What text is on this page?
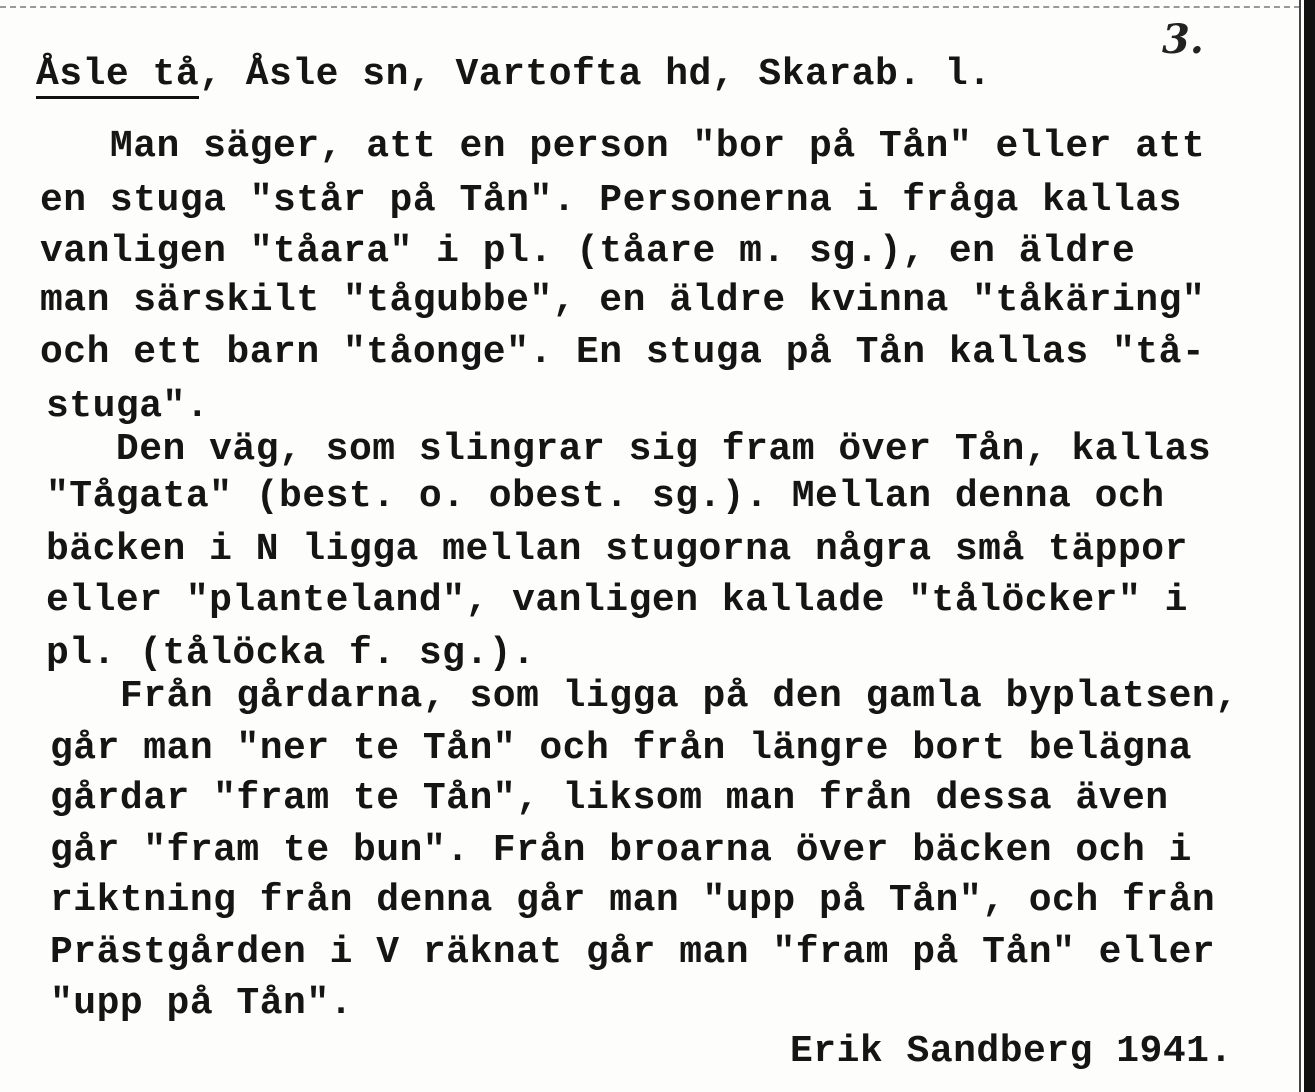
3.
Åsle tå, Åsle sn, Vartofta hd, Skarab. l.
Man säger, att en person "bor på Tån" eller att
en stuga "står på Tån". Personerna i fråga kallas
vanligen "tåara" i pl. (tåare m. sg.), en äldre
man särskilt "tågubbe", en äldre kvinna "tåkäring"
och ett barn "tåonge". En stuga på Tån kallas "tå-
stuga".
Den väg, som slingrar sig fram över Tån, kallas
"Tågata" (best. o. obest. sg.). Mellan denna och
bäcken i N ligga mellan stugorna några små täppor
eller "planteland", vanligen kallade "tålöcker" i
pl. (tålöcka f. sg.).
Från gårdarna, som ligga på den gamla byplatsen,
går man "ner te Tån" och från längre bort belägna
gårdar "fram te Tån", liksom man från dessa även
går "fram te bun". Från broarna över bäcken och i
riktning från denna går man "upp på Tån", och från
Prästgården i V räknat går man "fram på Tån" eller
"upp på Tån".
Erik Sandberg 1941.
